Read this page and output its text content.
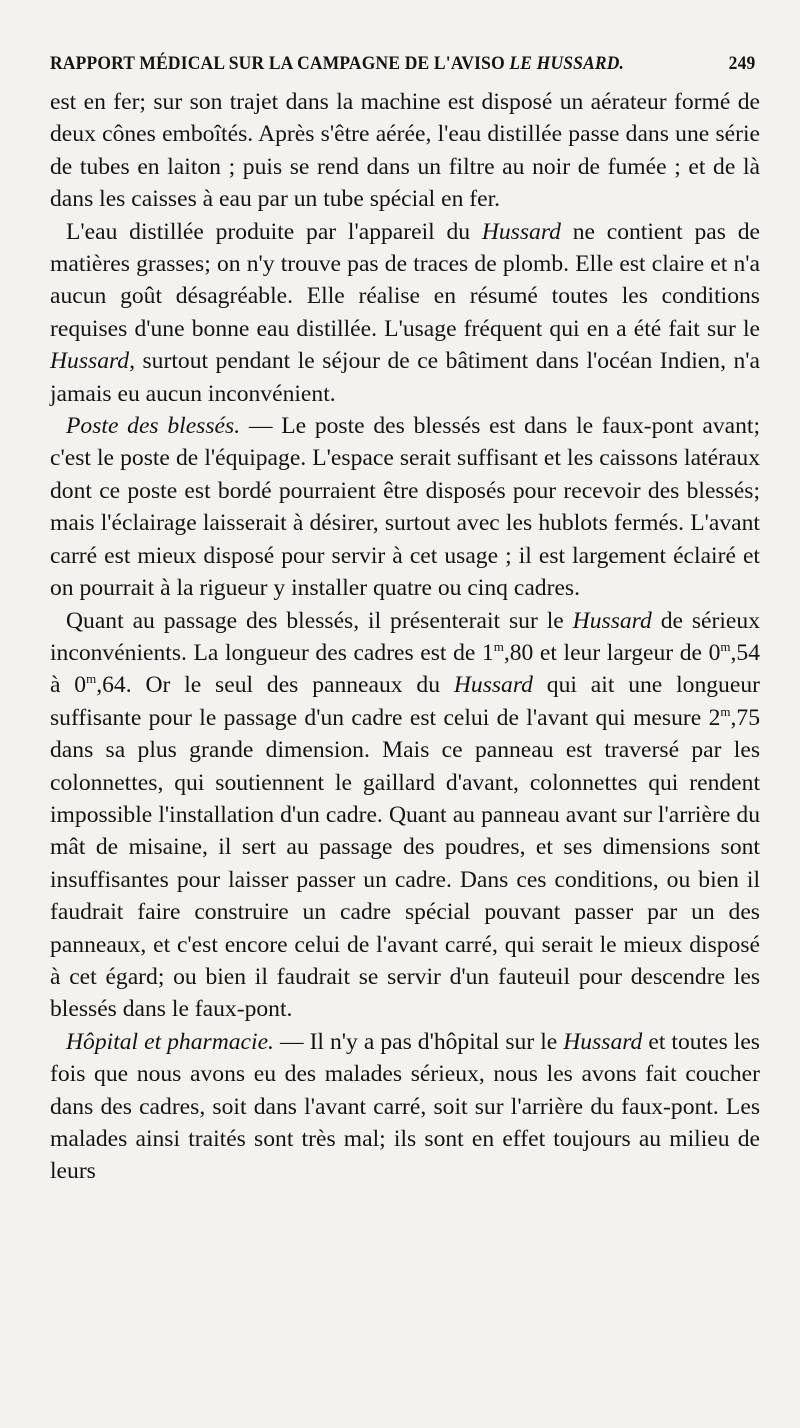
RAPPORT MÉDICAL SUR LA CAMPAGNE DE L'AVISO LE HUSSARD.	249

est en fer; sur son trajet dans la machine est disposé un aérateur formé de deux cônes emboîtés. Après s'être aérée, l'eau distillée passe dans une série de tubes en laiton ; puis se rend dans un filtre au noir de fumée ; et de là dans les caisses à eau par un tube spécial en fer.

L'eau distillée produite par l'appareil du Hussard ne contient pas de matières grasses; on n'y trouve pas de traces de plomb. Elle est claire et n'a aucun goût désagréable. Elle réalise en résumé toutes les conditions requises d'une bonne eau distillée. L'usage fréquent qui en a été fait sur le Hussard, surtout pendant le séjour de ce bâtiment dans l'océan Indien, n'a jamais eu aucun inconvénient.

Poste des blessés. — Le poste des blessés est dans le faux-pont avant; c'est le poste de l'équipage. L'espace serait suffisant et les caissons latéraux dont ce poste est bordé pourraient être disposés pour recevoir des blessés; mais l'éclairage laisserait à désirer, surtout avec les hublots fermés. L'avant carré est mieux disposé pour servir à cet usage ; il est largement éclairé et on pourrait à la rigueur y installer quatre ou cinq cadres.

Quant au passage des blessés, il présenterait sur le Hussard de sérieux inconvénients. La longueur des cadres est de 1$^m$,80 et leur largeur de 0$^m$,54 à 0$^m$,64. Or le seul des panneaux du Hussard qui ait une longueur suffisante pour le passage d'un cadre est celui de l'avant qui mesure 2$^m$,75 dans sa plus grande dimension. Mais ce panneau est traversé par les colonnettes, qui soutiennent le gaillard d'avant, colonnettes qui rendent impossible l'installation d'un cadre. Quant au panneau avant sur l'arrière du mât de misaine, il sert au passage des poudres, et ses dimensions sont insuffisantes pour laisser passer un cadre. Dans ces conditions, ou bien il faudrait faire construire un cadre spécial pouvant passer par un des panneaux, et c'est encore celui de l'avant carré, qui serait le mieux disposé à cet égard; ou bien il faudrait se servir d'un fauteuil pour descendre les blessés dans le faux-pont.

Hôpital et pharmacie. — Il n'y a pas d'hôpital sur le Hussard et toutes les fois que nous avons eu des malades sérieux, nous les avons fait coucher dans des cadres, soit dans l'avant carré, soit sur l'arrière du faux-pont. Les malades ainsi traités sont très mal; ils sont en effet toujours au milieu de leurs
